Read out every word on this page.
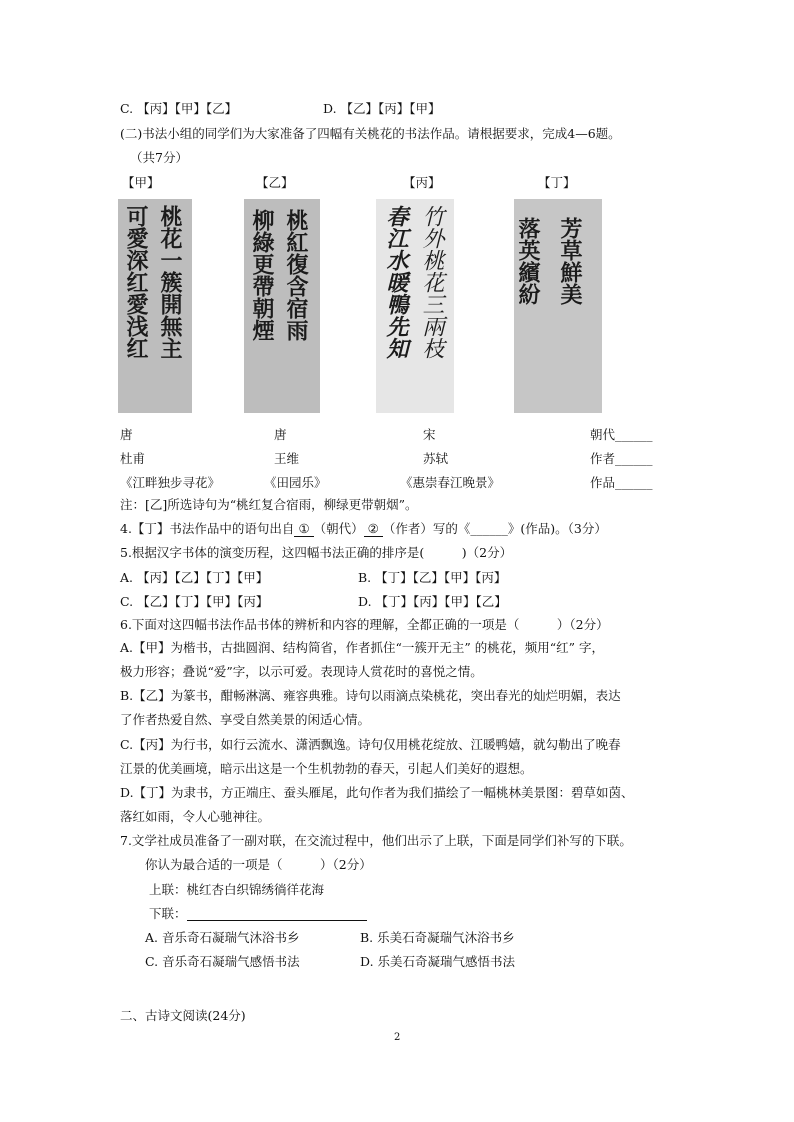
C. 【丙】【甲】【乙】	D. 【乙】【丙】【甲】
(二)书法小组的同学们为大家准备了四幅有关桃花的书法作品。请根据要求，完成4—6题。
（共7分）
【甲】	【乙】	【丙】	【丁】
桃花一簇開無主
可愛深红愛浅红	桃紅復含宿雨
柳綠更帶朝煙	竹外桃花三兩枝
春江水暖鴨先知	芳草鮮美
落英繽紛
唐	唐	宋	朝代______
杜甫	王维	苏轼	作者______
《江畔独步寻花》	《田园乐》	《惠崇春江晚景》	作品______
注：[乙]所选诗句为“桃红复合宿雨，柳绿更带朝烟”。
4.【丁】书法作品中的语句出自 ① （朝代） ② （作者）写的《______》(作品)。（3分）
5.根据汉字书体的演变历程，这四幅书法正确的排序是(　　　)（2分）
A. 【丙】【乙】【丁】【甲】	B. 【丁】【乙】【甲】【丙】
C. 【乙】【丁】【甲】【丙】	D. 【丁】【丙】【甲】【乙】
6.下面对这四幅书法作品书体的辨析和内容的理解，全都正确的一项是（　　　）（2分）
A.【甲】为楷书，古拙圆润、结构简省，作者抓住“一簇开无主” 的桃花，频用“红” 字，
极力形容；叠说“爱”字，以示可爱。表现诗人赏花时的喜悦之情。
B.【乙】为篆书，酣畅淋漓、雍容典雅。诗句以雨滴点染桃花，突出春光的灿烂明媚，表达
了作者热爱自然、享受自然美景的闲适心情。
C.【丙】为行书，如行云流水、潇洒飘逸。诗句仅用桃花绽放、江暖鸭嬉，就勾勒出了晚春
江景的优美画境，暗示出这是一个生机勃勃的春天，引起人们美好的遐想。
D.【丁】为隶书，方正端庄、蚕头雁尾，此句作者为我们描绘了一幅桃林美景图：碧草如茵、
落红如雨，令人心驰神往。
7.文学社成员准备了一副对联，在交流过程中，他们出示了上联，下面是同学们补写的下联。
你认为最合适的一项是（　　　）（2分）
上联：桃红杏白织锦绣徜徉花海
下联：
A. 音乐奇石凝瑞气沐浴书乡	B. 乐美石奇凝瑞气沐浴书乡
C. 音乐奇石凝瑞气感悟书法	D. 乐美石奇凝瑞气感悟书法
二、古诗文阅读(24分)
2
